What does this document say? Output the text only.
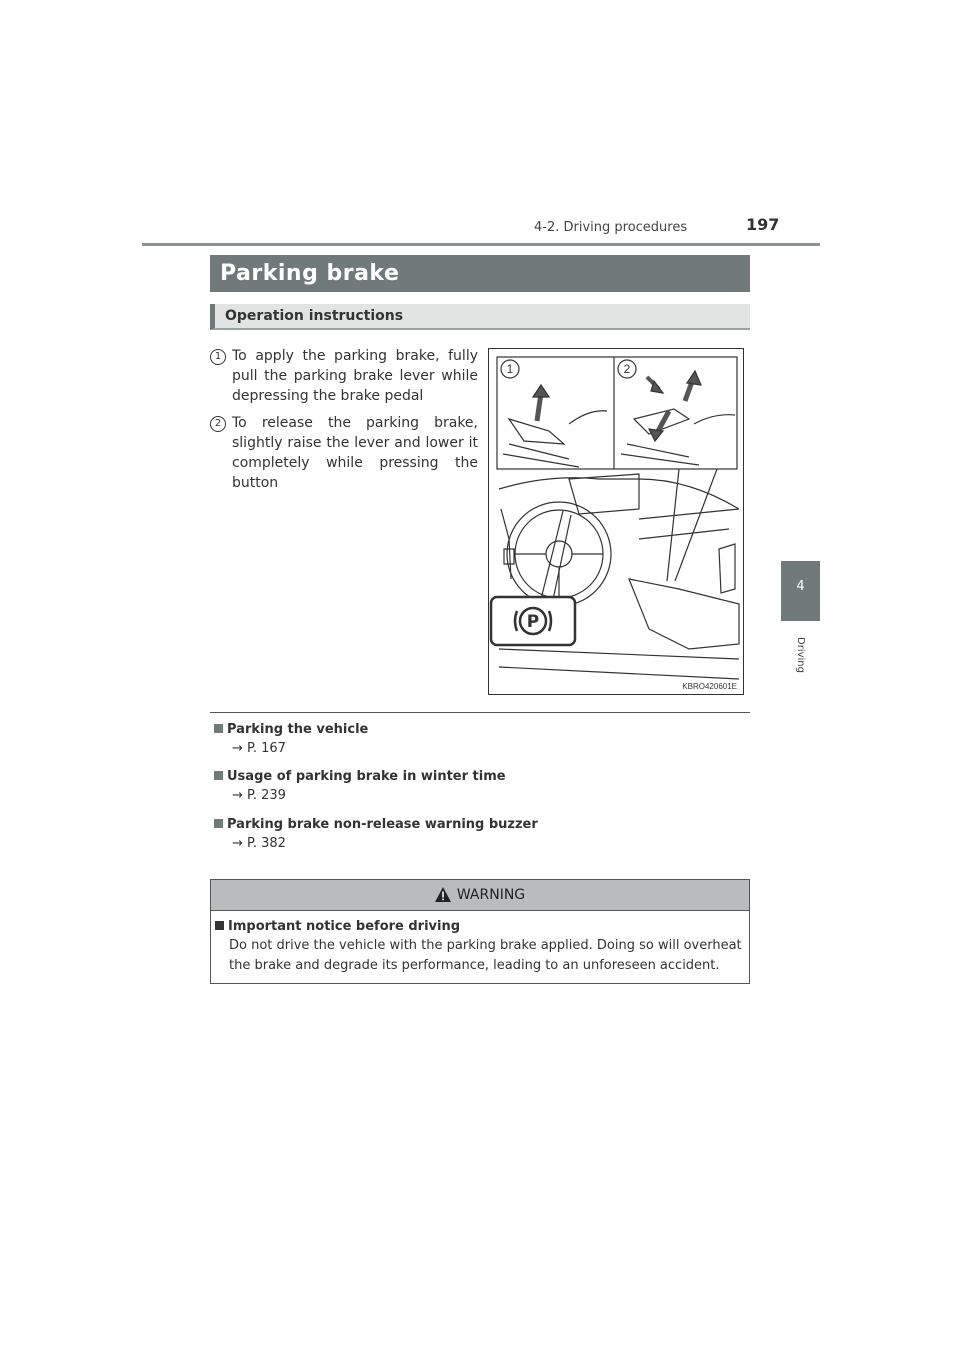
4-2. Driving procedures	197
4
Driving
Parking brake
Operation instructions
1 To apply the parking brake, fully pull the parking brake lever while depressing the brake pedal
2 To release the parking brake, slightly raise the lever and lower it completely while pressing the button
1	2
P
KBRO420601E
Parking the vehicle
→ P. 167
Usage of parking brake in winter time
→ P. 239
Parking brake non-release warning buzzer
→ P. 382
WARNING
Important notice before driving
Do not drive the vehicle with the parking brake applied. Doing so will overheat the brake and degrade its performance, leading to an unforeseen accident.
